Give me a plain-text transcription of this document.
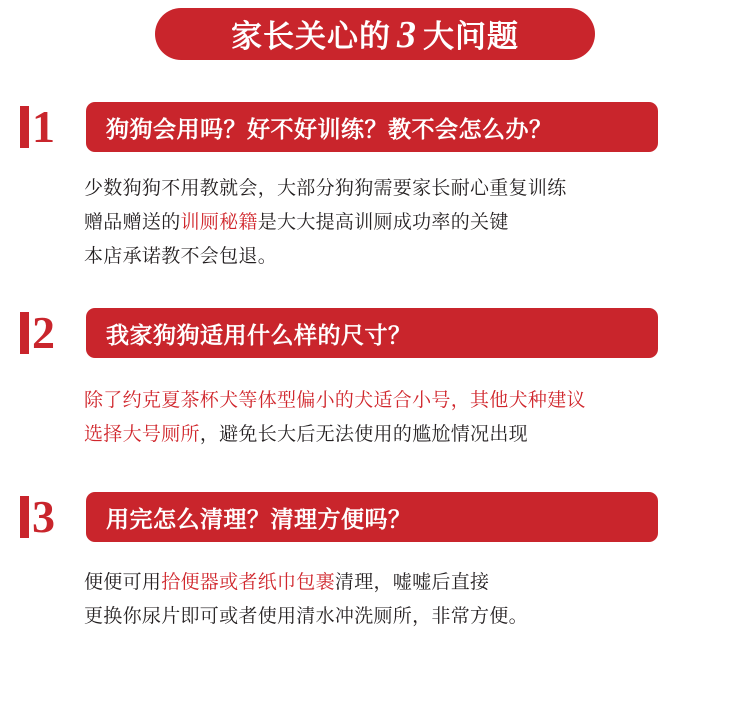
家长关心的 3 大问题
1	狗狗会用吗？好不好训练？教不会怎么办？
少数狗狗不用教就会，大部分狗狗需要家长耐心重复训练
赠品赠送的训厕秘籍是大大提高训厕成功率的关键
本店承诺教不会包退。
2	我家狗狗适用什么样的尺寸？
除了约克夏茶杯犬等体型偏小的犬适合小号，其他犬种建议
选择大号厕所，避免长大后无法使用的尴尬情况出现
3	用完怎么清理？清理方便吗？
便便可用拾便器或者纸巾包裹清理，嘘嘘后直接
更换你尿片即可或者使用清水冲洗厕所，非常方便。
